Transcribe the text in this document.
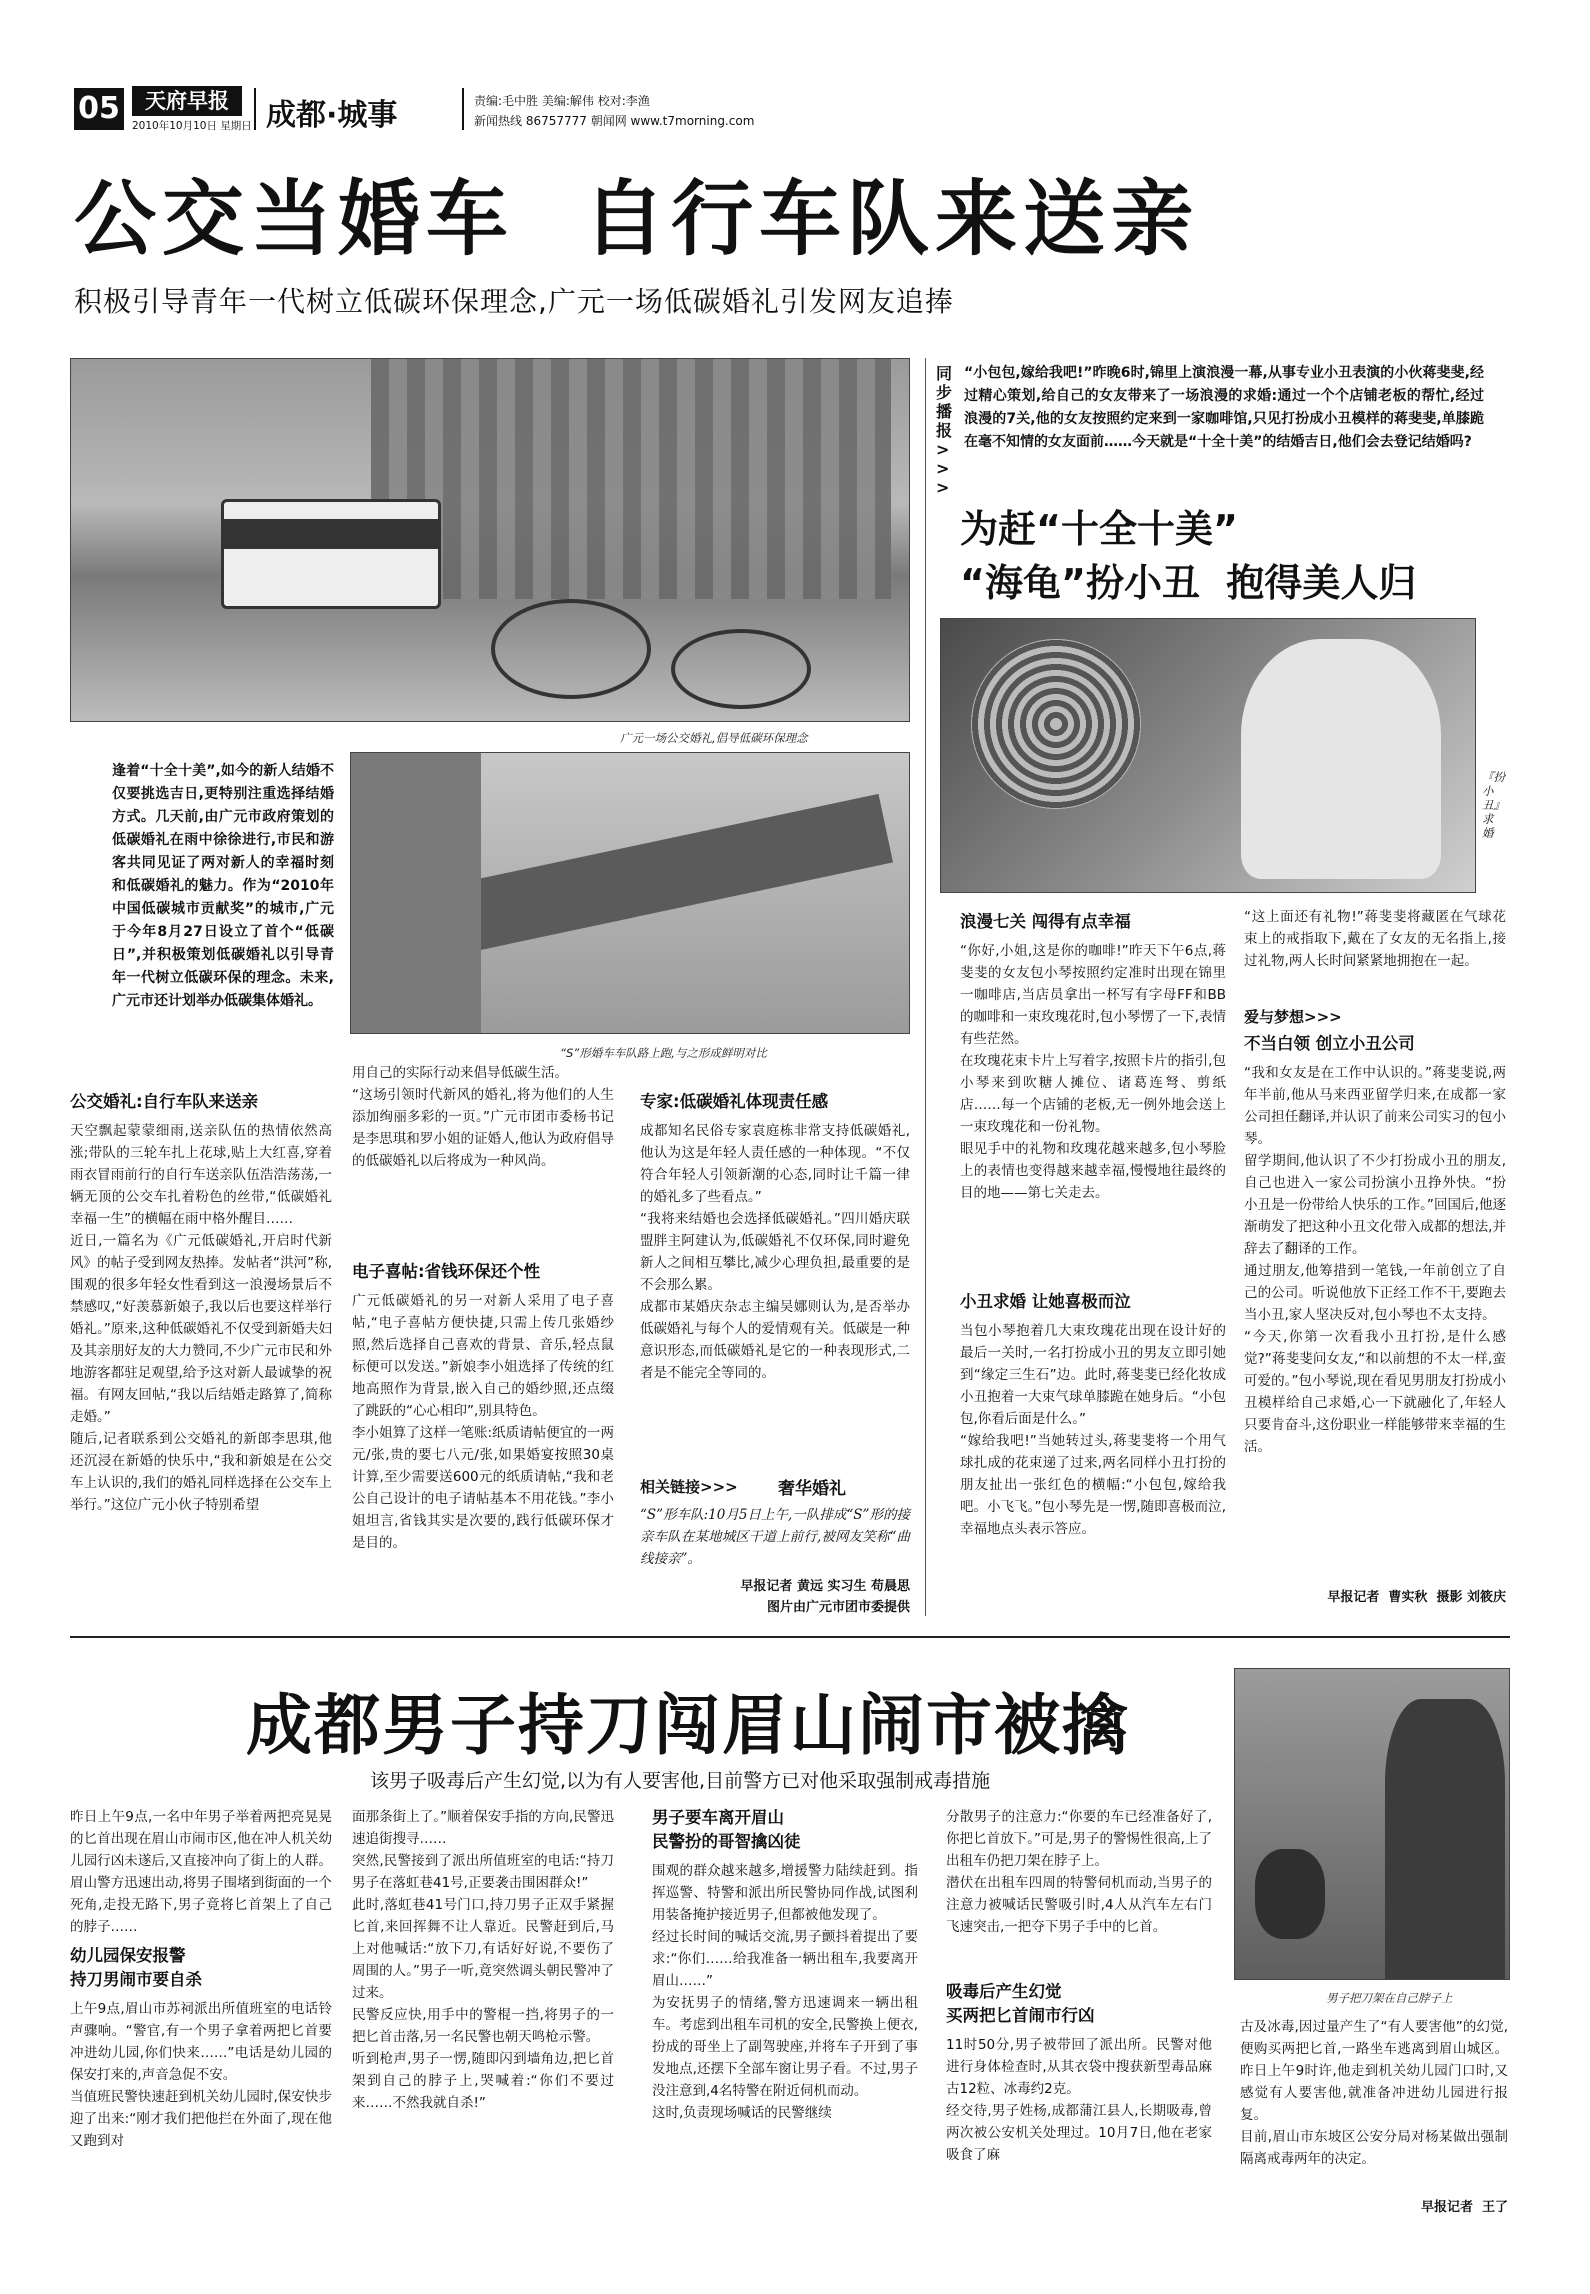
05	天府早报
2010年10月10日 星期日 成都·城事	责编:毛中胜 美编:解伟 校对:李渔
新闻热线 86757777 朝闻网 www.t7morning.com
公交当婚车  自行车队来送亲
积极引导青年一代树立低碳环保理念,广元一场低碳婚礼引发网友追捧
广元一场公交婚礼,倡导低碳环保理念
“S”形婚车车队路上跑,与之形成鲜明对比
逢着“十全十美”,如今的新人结婚不仅要挑选吉日,更特别注重选择结婚方式。几天前,由广元市政府策划的低碳婚礼在雨中徐徐进行,市民和游客共同见证了两对新人的幸福时刻和低碳婚礼的魅力。作为“2010年中国低碳城市贡献奖”的城市,广元于今年8月27日设立了首个“低碳日”,并积极策划低碳婚礼以引导青年一代树立低碳环保的理念。未来,广元市还计划举办低碳集体婚礼。
公交婚礼:自行车队来送亲
天空飘起蒙蒙细雨,送亲队伍的热情依然高涨;带队的三轮车扎上花球,贴上大红喜,穿着雨衣冒雨前行的自行车送亲队伍浩浩荡荡,一辆无顶的公交车扎着粉色的丝带,“低碳婚礼 幸福一生”的横幅在雨中格外醒目……
近日,一篇名为《广元低碳婚礼,开启时代新风》的帖子受到网友热捧。发帖者“洪河”称,围观的很多年轻女性看到这一浪漫场景后不禁感叹,“好羡慕新娘子,我以后也要这样举行婚礼。”原来,这种低碳婚礼不仅受到新婚夫妇及其亲朋好友的大力赞同,不少广元市民和外地游客都驻足观望,给予这对新人最诚挚的祝福。有网友回帖,“我以后结婚走路算了,简称走婚。”
随后,记者联系到公交婚礼的新郎李思琪,他还沉浸在新婚的快乐中,“我和新娘是在公交车上认识的,我们的婚礼同样选择在公交车上举行。”这位广元小伙子特别希望
用自己的实际行动来倡导低碳生活。
“这场引领时代新风的婚礼,将为他们的人生添加绚丽多彩的一页。”广元市团市委杨书记是李思琪和罗小姐的证婚人,他认为政府倡导的低碳婚礼以后将成为一种风尚。
电子喜帖:省钱环保还个性
广元低碳婚礼的另一对新人采用了电子喜帖,“电子喜帖方便快捷,只需上传几张婚纱照,然后选择自己喜欢的背景、音乐,轻点鼠标便可以发送。”新娘李小姐选择了传统的红地高照作为背景,嵌入自己的婚纱照,还点缀了跳跃的“心心相印”,别具特色。
李小姐算了这样一笔账:纸质请帖便宜的一两元/张,贵的要七八元/张,如果婚宴按照30桌计算,至少需要送600元的纸质请帖,“我和老公自己设计的电子请帖基本不用花钱。”李小姐坦言,省钱其实是次要的,践行低碳环保才是目的。
专家:低碳婚礼体现责任感
成都知名民俗专家袁庭栋非常支持低碳婚礼,他认为这是年轻人责任感的一种体现。“不仅符合年轻人引领新潮的心态,同时让千篇一律的婚礼多了些看点。”
“我将来结婚也会选择低碳婚礼。”四川婚庆联盟胖主阿建认为,低碳婚礼不仅环保,同时避免新人之间相互攀比,减少心理负担,最重要的是不会那么累。
成都市某婚庆杂志主编吴娜则认为,是否举办低碳婚礼与每个人的爱情观有关。低碳是一种意识形态,而低碳婚礼是它的一种表现形式,二者是不能完全等同的。
相关链接>>> 奢华婚礼
“S”形车队:10月5日上午,一队排成“S”形的接亲车队在某地城区干道上前行,被网友笑称“曲线接亲”。
早报记者 黄远 实习生 苟晨思
图片由广元市团市委提供
同步播报>>>
“小包包,嫁给我吧!”昨晚6时,锦里上演浪漫一幕,从事专业小丑表演的小伙蒋斐斐,经过精心策划,给自己的女友带来了一场浪漫的求婚:通过一个个店铺老板的帮忙,经过浪漫的7关,他的女友按照约定来到一家咖啡馆,只见打扮成小丑模样的蒋斐斐,单膝跪在毫不知情的女友面前……今天就是“十全十美”的结婚吉日,他们会去登记结婚吗?
为赶“十全十美”
“海龟”扮小丑  抱得美人归
『扮小丑』求婚
浪漫七关 闯得有点幸福
“你好,小姐,这是你的咖啡!”昨天下午6点,蒋斐斐的女友包小琴按照约定准时出现在锦里一咖啡店,当店员拿出一杯写有字母FF和BB的咖啡和一束玫瑰花时,包小琴愣了一下,表情有些茫然。
在玫瑰花束卡片上写着字,按照卡片的指引,包小琴来到吹糖人摊位、诸葛连弩、剪纸店……每一个店铺的老板,无一例外地会送上一束玫瑰花和一份礼物。
眼见手中的礼物和玫瑰花越来越多,包小琴脸上的表情也变得越来越幸福,慢慢地往最终的目的地——第七关走去。
小丑求婚 让她喜极而泣
当包小琴抱着几大束玫瑰花出现在设计好的最后一关时,一名打扮成小丑的男友立即引她到“缘定三生石”边。此时,蒋斐斐已经化妆成小丑抱着一大束气球单膝跪在她身后。“小包包,你看后面是什么。”
“嫁给我吧!”当她转过头,蒋斐斐将一个用气球扎成的花束递了过来,两名同样小丑打扮的朋友扯出一张红色的横幅:“小包包,嫁给我吧。小飞飞。”包小琴先是一愣,随即喜极而泣,幸福地点头表示答应。
“这上面还有礼物!”蒋斐斐将藏匿在气球花束上的戒指取下,戴在了女友的无名指上,接过礼物,两人长时间紧紧地拥抱在一起。
爱与梦想>>>
不当白领 创立小丑公司
“我和女友是在工作中认识的。”蒋斐斐说,两年半前,他从马来西亚留学归来,在成都一家公司担任翻译,并认识了前来公司实习的包小琴。
留学期间,他认识了不少打扮成小丑的朋友,自己也进入一家公司扮演小丑挣外快。“扮小丑是一份带给人快乐的工作。”回国后,他逐渐萌发了把这种小丑文化带入成都的想法,并辞去了翻译的工作。
通过朋友,他筹措到一笔钱,一年前创立了自己的公司。听说他放下正经工作不干,要跑去当小丑,家人坚决反对,包小琴也不太支持。
“今天,你第一次看我小丑打扮,是什么感觉?”蒋斐斐问女友,“和以前想的不太一样,蛮可爱的。”包小琴说,现在看见男朋友打扮成小丑模样给自己求婚,心一下就融化了,年轻人只要肯奋斗,这份职业一样能够带来幸福的生活。
早报记者  曹实秋  摄影 刘筱庆
成都男子持刀闯眉山闹市被擒
该男子吸毒后产生幻觉,以为有人要害他,目前警方已对他采取强制戒毒措施
男子把刀架在自己脖子上
昨日上午9点,一名中年男子举着两把亮晃晃的匕首出现在眉山市闹市区,他在冲人机关幼儿园行凶未遂后,又直接冲向了街上的人群。眉山警方迅速出动,将男子围堵到街面的一个死角,走投无路下,男子竟将匕首架上了自己的脖子……
幼儿园保安报警
持刀男闹市要自杀
上午9点,眉山市苏祠派出所值班室的电话铃声骤响。“警官,有一个男子拿着两把匕首要冲进幼儿园,你们快来……”电话是幼儿园的保安打来的,声音急促不安。
当值班民警快速赶到机关幼儿园时,保安快步迎了出来:“刚才我们把他拦在外面了,现在他又跑到对
面那条街上了。”顺着保安手指的方向,民警迅速追街搜寻……
突然,民警接到了派出所值班室的电话:“持刀男子在落虹巷41号,正要袭击围困群众!”
此时,落虹巷41号门口,持刀男子正双手紧握匕首,来回挥舞不让人靠近。民警赶到后,马上对他喊话:“放下刀,有话好好说,不要伤了周围的人。”男子一听,竟突然调头朝民警冲了过来。
民警反应快,用手中的警棍一挡,将男子的一把匕首击落,另一名民警也朝天鸣枪示警。
听到枪声,男子一愣,随即闪到墙角边,把匕首架到自己的脖子上,哭喊着:“你们不要过来……不然我就自杀!”
男子要车离开眉山
民警扮的哥智擒凶徒
围观的群众越来越多,增援警力陆续赶到。指挥巡警、特警和派出所民警协同作战,试图利用装备掩护接近男子,但都被他发现了。
经过长时间的喊话交流,男子颤抖着提出了要求:“你们……给我准备一辆出租车,我要离开眉山……”
为安抚男子的情绪,警方迅速调来一辆出租车。考虑到出租车司机的安全,民警换上便衣,扮成的哥坐上了副驾驶座,并将车子开到了事发地点,还摆下全部车窗让男子看。不过,男子没注意到,4名特警在附近伺机而动。
这时,负责现场喊话的民警继续
分散男子的注意力:“你要的车已经准备好了,你把匕首放下。”可是,男子的警惕性很高,上了出租车仍把刀架在脖子上。
潜伏在出租车四周的特警伺机而动,当男子的注意力被喊话民警吸引时,4人从汽车左右门飞速突击,一把夺下男子手中的匕首。
吸毒后产生幻觉
买两把匕首闹市行凶
11时50分,男子被带回了派出所。民警对他进行身体检查时,从其衣袋中搜获新型毒品麻古12粒、冰毒约2克。
经交待,男子姓杨,成都蒲江县人,长期吸毒,曾两次被公安机关处理过。10月7日,他在老家吸食了麻
古及冰毒,因过量产生了“有人要害他”的幻觉,便购买两把匕首,一路坐车逃离到眉山城区。昨日上午9时许,他走到机关幼儿园门口时,又感觉有人要害他,就准备冲进幼儿园进行报复。
目前,眉山市东坡区公安分局对杨某做出强制隔离戒毒两年的决定。
早报记者  王了
